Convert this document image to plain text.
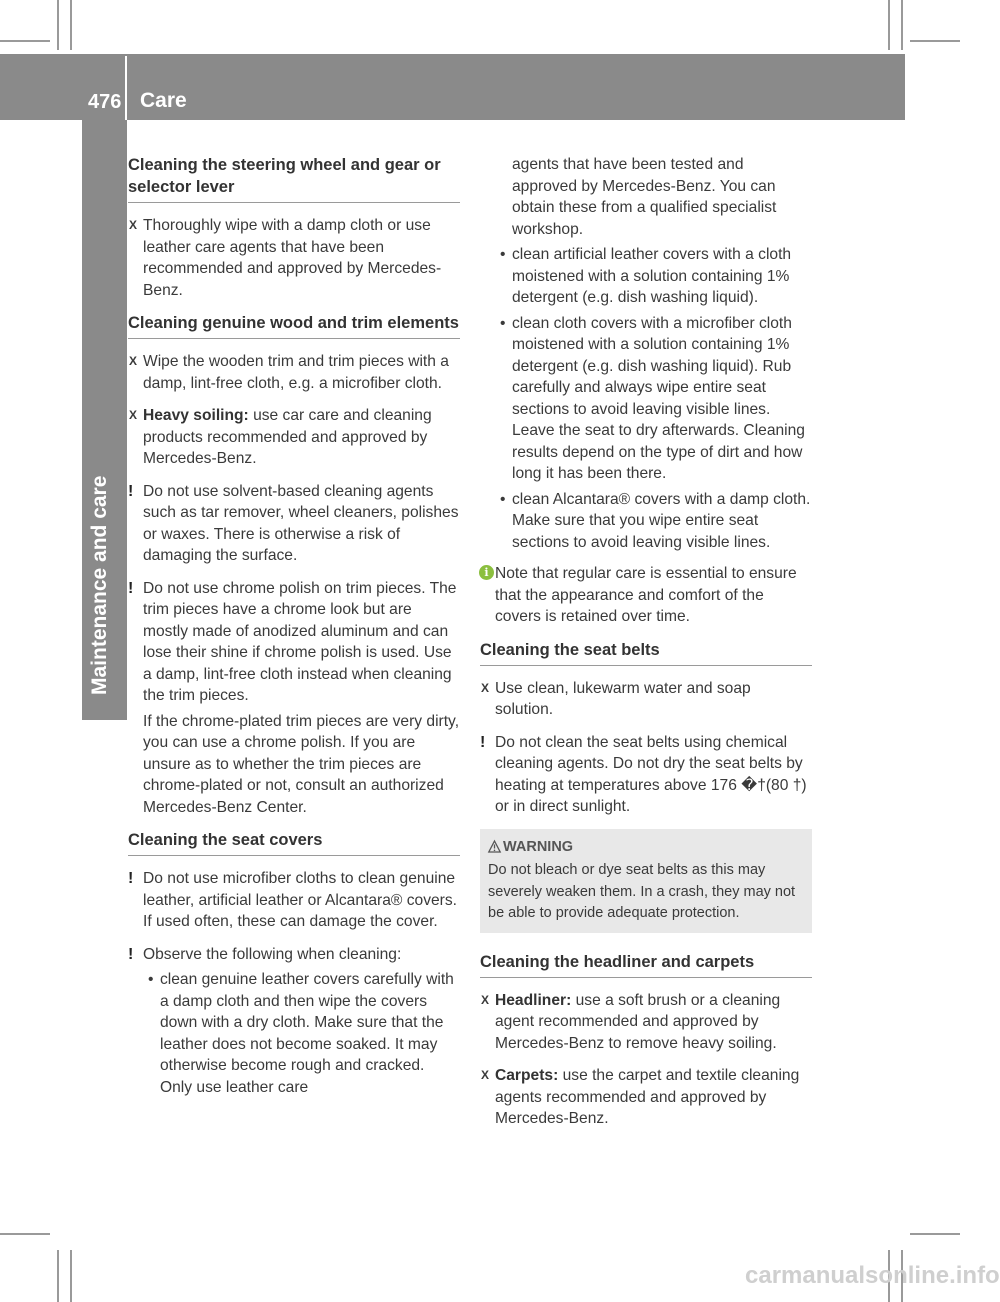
476 Care
Maintenance and care
Cleaning the steering wheel and gear or selector lever
X Thoroughly wipe with a damp cloth or use leather care agents that have been recommended and approved by Mercedes-Benz.
Cleaning genuine wood and trim elements
X Wipe the wooden trim and trim pieces with a damp, lint-free cloth, e.g. a microfiber cloth.
X Heavy soiling: use car care and cleaning products recommended and approved by Mercedes-Benz.
! Do not use solvent-based cleaning agents such as tar remover, wheel cleaners, polishes or waxes. There is otherwise a risk of damaging the surface.
! Do not use chrome polish on trim pieces. The trim pieces have a chrome look but are mostly made of anodized aluminum and can lose their shine if chrome polish is used. Use a damp, lint-free cloth instead when cleaning the trim pieces.
If the chrome-plated trim pieces are very dirty, you can use a chrome polish. If you are unsure as to whether the trim pieces are chrome-plated or not, consult an authorized Mercedes-Benz Center.
Cleaning the seat covers
! Do not use microfiber cloths to clean genuine leather, artificial leather or Alcantara® covers. If used often, these can damage the cover.
! Observe the following when cleaning:
• clean genuine leather covers carefully with a damp cloth and then wipe the covers down with a dry cloth. Make sure that the leather does not become soaked. It may otherwise become rough and cracked. Only use leather care
agents that have been tested and approved by Mercedes-Benz. You can obtain these from a qualified specialist workshop.
• clean artificial leather covers with a cloth moistened with a solution containing 1% detergent (e.g. dish washing liquid).
• clean cloth covers with a microfiber cloth moistened with a solution containing 1% detergent (e.g. dish washing liquid). Rub carefully and always wipe entire seat sections to avoid leaving visible lines. Leave the seat to dry afterwards. Cleaning results depend on the type of dirt and how long it has been there.
• clean Alcantara® covers with a damp cloth. Make sure that you wipe entire seat sections to avoid leaving visible lines.
i Note that regular care is essential to ensure that the appearance and comfort of the covers is retained over time.
Cleaning the seat belts
X Use clean, lukewarm water and soap solution.
! Do not clean the seat belts using chemical cleaning agents. Do not dry the seat belts by heating at temperatures above 176 �†(80 †) or in direct sunlight.
WARNING
Do not bleach or dye seat belts as this may severely weaken them. In a crash, they may not be able to provide adequate protection.
Cleaning the headliner and carpets
X Headliner: use a soft brush or a cleaning agent recommended and approved by Mercedes-Benz to remove heavy soiling.
X Carpets: use the carpet and textile cleaning agents recommended and approved by Mercedes-Benz.
carmanualsonline.info
